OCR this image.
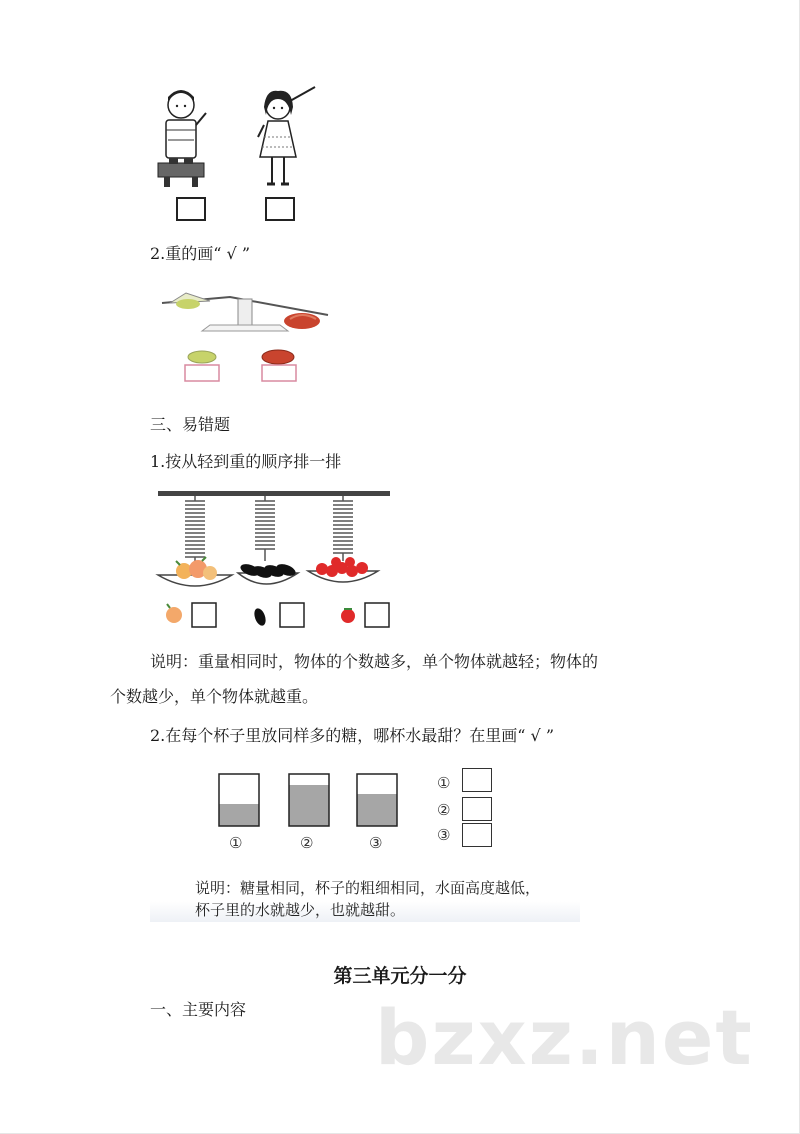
2.重的画“ √ ”
三、易错题
1.按从轻到重的顺序排一排
说明：重量相同时，物体的个数越多，单个物体就越轻；物体的
个数越少，单个物体就越重。
2.在每个杯子里放同样多的糖，哪杯水最甜？在里画“ √ ”
①	②	③
①
②
③
说明：糖量相同，杯子的粗细相同，水面高度越低，
杯子里的水就越少，也就越甜。
第三单元分一分
一、主要内容 bzxz.net
